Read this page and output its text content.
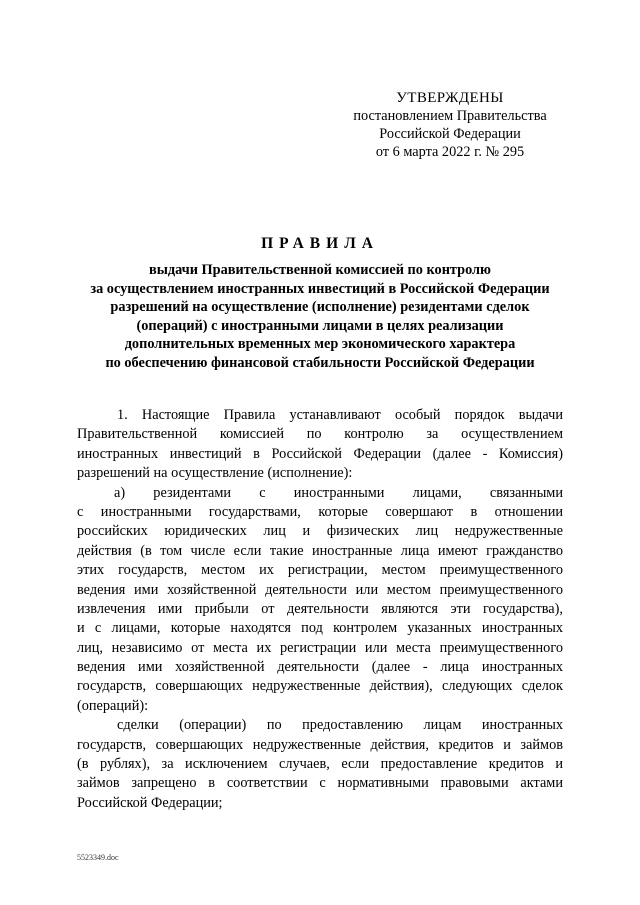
УТВЕРЖДЕНЫ
постановлением Правительства
Российской Федерации
от 6 марта 2022 г. № 295
ПРАВИЛА
выдачи Правительственной комиссией по контролю
за осуществлением иностранных инвестиций в Российской Федерации
разрешений на осуществление (исполнение) резидентами сделок
(операций) с иностранными лицами в целях реализации
дополнительных временных мер экономического характера
по обеспечению финансовой стабильности Российской Федерации
1. Настоящие Правила устанавливают особый порядок выдачи
Правительственной комиссией по контролю за осуществлением
иностранных инвестиций в Российской Федерации (далее - Комиссия)
разрешений на осуществление (исполнение):
а) резидентами с иностранными лицами, связанными
с иностранными государствами, которые совершают в отношении
российских юридических лиц и физических лиц недружественные
действия (в том числе если такие иностранные лица имеют гражданство
этих государств, местом их регистрации, местом преимущественного
ведения ими хозяйственной деятельности или местом преимущественного
извлечения ими прибыли от деятельности являются эти государства),
и с лицами, которые находятся под контролем указанных иностранных
лиц, независимо от места их регистрации или места преимущественного
ведения ими хозяйственной деятельности (далее - лица иностранных
государств, совершающих недружественные действия), следующих сделок
(операций):
сделки (операции) по предоставлению лицам иностранных
государств, совершающих недружественные действия, кредитов и займов
(в рублях), за исключением случаев, если предоставление кредитов и
займов запрещено в соответствии с нормативными правовыми актами
Российской Федерации;
5523349.doc
